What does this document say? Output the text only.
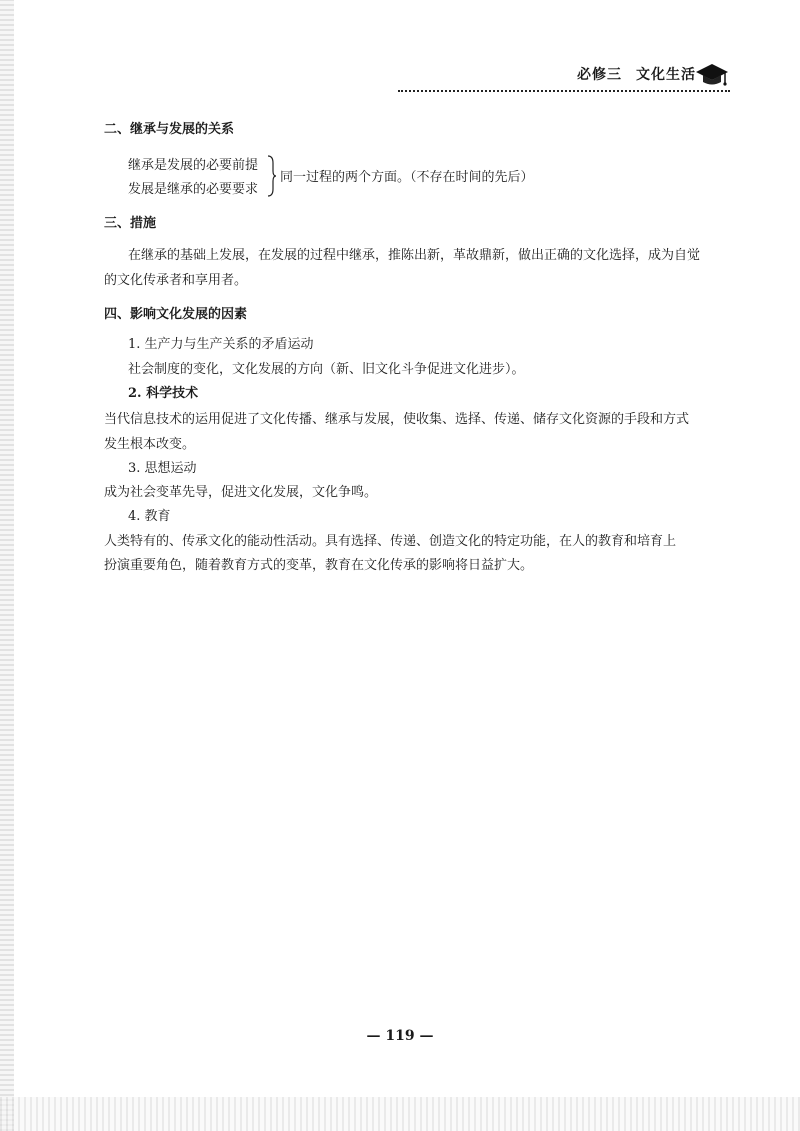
必修三 文化生活
二、继承与发展的关系
继承是发展的必要前提
发展是继承的必要要求
同一过程的两个方面。（不存在时间的先后）
三、措施
在继承的基础上发展，在发展的过程中继承，推陈出新，革故鼎新，做出正确的文化选择，成为自觉
的文化传承者和享用者。
四、影响文化发展的因素
1. 生产力与生产关系的矛盾运动
社会制度的变化，文化发展的方向（新、旧文化斗争促进文化进步）。
2. 科学技术
当代信息技术的运用促进了文化传播、继承与发展，使收集、选择、传递、储存文化资源的手段和方式
发生根本改变。
3. 思想运动
成为社会变革先导，促进文化发展，文化争鸣。
4. 教育
人类特有的、传承文化的能动性活动。具有选择、传递、创造文化的特定功能，在人的教育和培育上
扮演重要角色，随着教育方式的变革，教育在文化传承的影响将日益扩大。
— 119 —
